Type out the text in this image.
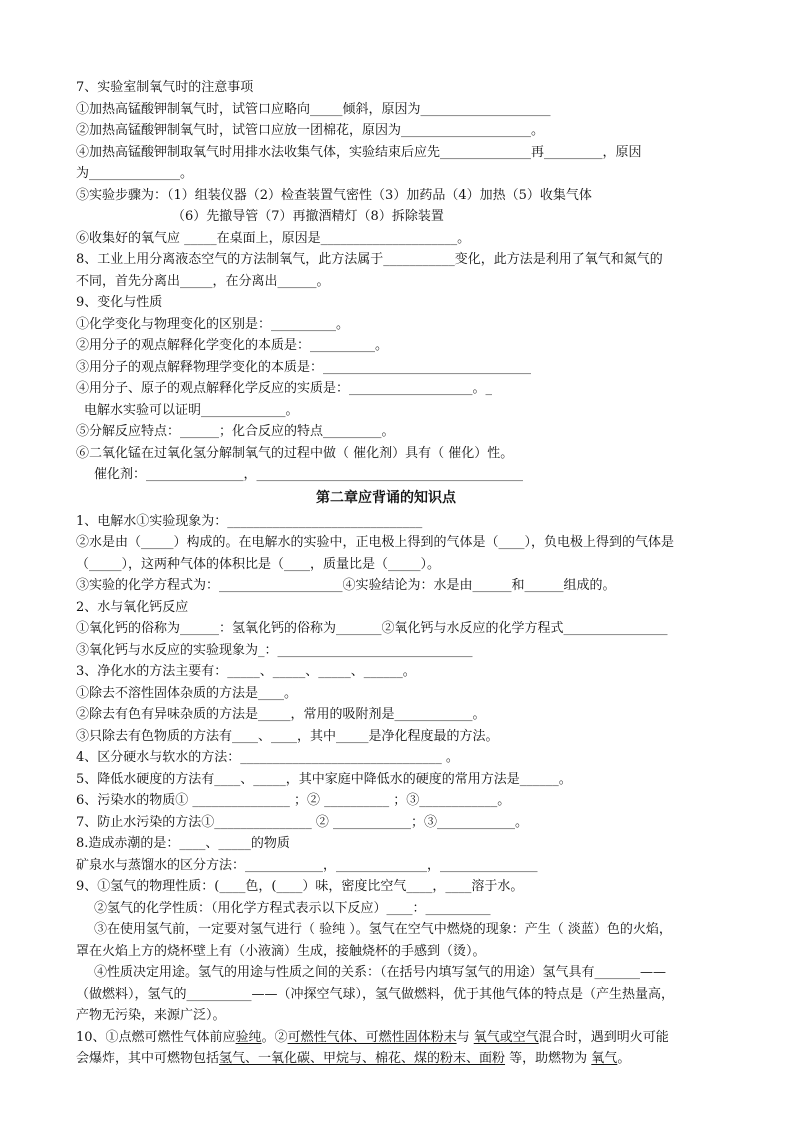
7、实验室制氧气时的注意事项
①加热高锰酸钾制氧气时，试管口应略向_____倾斜，原因为____________________
②加热高锰酸钾制氧气时，试管口应放一团棉花，原因为____________________。
④加热高锰酸钾制取氧气时用排水法收集气体，实验结束后应先______________再_________，原因
为______________。
⑤实验步骤为：（1）组装仪器（2）检查装置气密性（3）加药品（4）加热（5）收集气体
（6）先撤导管（7）再撤酒精灯（8）拆除装置
⑥收集好的氧气应 _____在桌面上，原因是_____________________。
8、工业上用分离液态空气的方法制氧气，此方法属于___________变化，此方法是利用了氧气和氮气的
不同，首先分离出_____，在分离出______。
9、变化与性质
①化学变化与物理变化的区别是：__________。
②用分子的观点解释化学变化的本质是：__________。
③用分子的观点解释物理学变化的本质是：________________________________
④用分子、原子的观点解释化学反应的实质是：___________________。_
电解水实验可以证明_____________。
⑤分解反应特点：______；化合反应的特点_________。
⑥二氧化锰在过氧化氢分解制氧气的过程中做（ 催化剂）具有（ 催化）性。
催化剂：_______________，_________________________________________
第二章应背诵的知识点
1、电解水①实验现象为：______________________________
②水是由（_____）构成的。在电解水的实验中，正电极上得到的气体是（____），负电极上得到的气体是
（_____），这两种气体的体积比是（____，质量比是（_____）。
③实验的化学方程式为：___________________④实验结论为：水是由______和______组成的。
2、水与氧化钙反应
①氧化钙的俗称为______：氢氧化钙的俗称为_______②氧化钙与水反应的化学方程式________________
③氧化钙与水反应的实验现象为_：______________________________
3、净化水的方法主要有：_____、_____、_____、______。
①除去不溶性固体杂质的方法是____。
②除去有色有异味杂质的方法是_____，常用的吸附剂是____________。
③只除去有色物质的方法有____、____，其中_____是净化程度最的方法。
4、区分硬水与软水的方法：_______________________________ 。
5、降低水硬度的方法有____、_____，其中家庭中降低水的硬度的常用方法是______。
6、污染水的物质① _______________ ；② __________ ；③____________。
7、防止水污染的方法①_______________ ② ____________；③____________。
8.造成赤潮的是：____、_____的物质
矿泉水与蒸馏水的区分方法：____________，______________，_______________
9、①氢气的物理性质：(____色，(____）味，密度比空气____，____溶于水。
②氢气的化学性质：（用化学方程式表示以下反应）____：__________
③在使用氢气前，一定要对氢气进行（ 验纯 ）。氢气在空气中燃烧的现象：产生（ 淡蓝）色的火焰，
罩在火焰上方的烧杯壁上有（小液滴）生成，接触烧杯的手感到（烫）。
④性质决定用途。氢气的用途与性质之间的关系：（在括号内填写氢气的用途）氢气具有_______——
（做燃料），氢气的__________——（冲探空气球），氢气做燃料，优于其他气体的特点是（产生热量高，
产物无污染，来源广泛）。
10、①点燃可燃性气体前应验纯。②可燃性气体、可燃性固体粉末与 氧气或空气混合时，遇到明火可能
会爆炸，其中可燃物包括氢气、一氧化碳、甲烷与、棉花、煤的粉末、面粉 等，助燃物为 氧气。
